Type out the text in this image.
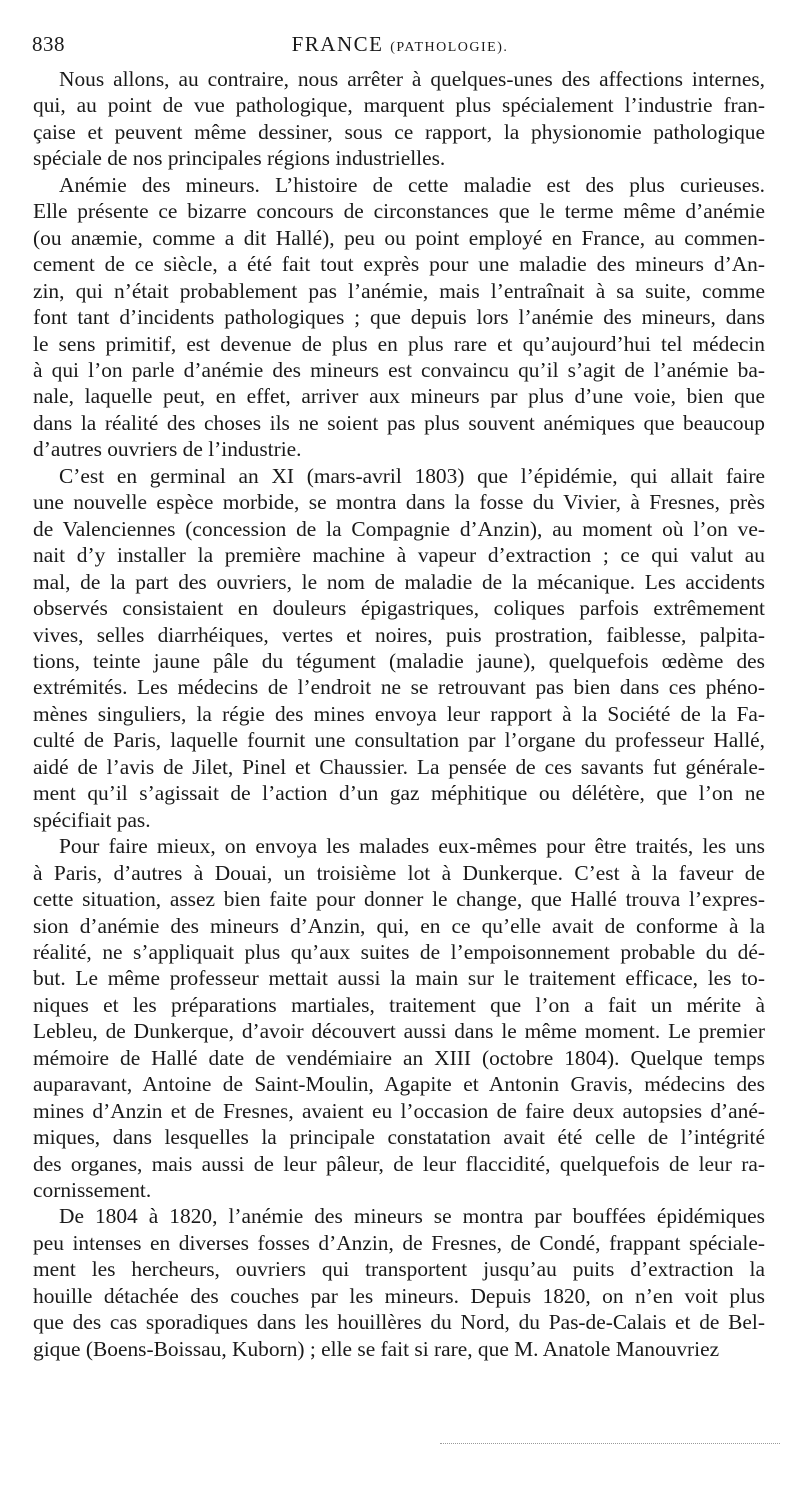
838	FRANCE (PATHOLOGIE).

Nous allons, au contraire, nous arrêter à quelques-unes des affections internes,
qui, au point de vue pathologique, marquent plus spécialement l’industrie fran-
çaise et peuvent même dessiner, sous ce rapport, la physionomie pathologique
spéciale de nos principales régions industrielles.

Anémie des mineurs. L’histoire de cette maladie est des plus curieuses.
Elle présente ce bizarre concours de circonstances que le terme même d’anémie
(ou anæmie, comme a dit Hallé), peu ou point employé en France, au commen-
cement de ce siècle, a été fait tout exprès pour une maladie des mineurs d’An-
zin, qui n’était probablement pas l’anémie, mais l’entraînait à sa suite, comme
font tant d’incidents pathologiques ; que depuis lors l’anémie des mineurs, dans
le sens primitif, est devenue de plus en plus rare et qu’aujourd’hui tel médecin
à qui l’on parle d’anémie des mineurs est convaincu qu’il s’agit de l’anémie ba-
nale, laquelle peut, en effet, arriver aux mineurs par plus d’une voie, bien que
dans la réalité des choses ils ne soient pas plus souvent anémiques que beaucoup
d’autres ouvriers de l’industrie.

C’est en germinal an XI (mars-avril 1803) que l’épidémie, qui allait faire
une nouvelle espèce morbide, se montra dans la fosse du Vivier, à Fresnes, près
de Valenciennes (concession de la Compagnie d’Anzin), au moment où l’on ve-
nait d’y installer la première machine à vapeur d’extraction ; ce qui valut au
mal, de la part des ouvriers, le nom de maladie de la mécanique. Les accidents
observés consistaient en douleurs épigastriques, coliques parfois extrêmement
vives, selles diarrhéiques, vertes et noires, puis prostration, faiblesse, palpita-
tions, teinte jaune pâle du tégument (maladie jaune), quelquefois œdème des
extrémités. Les médecins de l’endroit ne se retrouvant pas bien dans ces phéno-
mènes singuliers, la régie des mines envoya leur rapport à la Société de la Fa-
culté de Paris, laquelle fournit une consultation par l’organe du professeur Hallé,
aidé de l’avis de Jilet, Pinel et Chaussier. La pensée de ces savants fut générale-
ment qu’il s’agissait de l’action d’un gaz méphitique ou délétère, que l’on ne
spécifiait pas.

Pour faire mieux, on envoya les malades eux-mêmes pour être traités, les uns
à Paris, d’autres à Douai, un troisième lot à Dunkerque. C’est à la faveur de
cette situation, assez bien faite pour donner le change, que Hallé trouva l’expres-
sion d’anémie des mineurs d’Anzin, qui, en ce qu’elle avait de conforme à la
réalité, ne s’appliquait plus qu’aux suites de l’empoisonnement probable du dé-
but. Le même professeur mettait aussi la main sur le traitement efficace, les to-
niques et les préparations martiales, traitement que l’on a fait un mérite à
Lebleu, de Dunkerque, d’avoir découvert aussi dans le même moment. Le premier
mémoire de Hallé date de vendémiaire an XIII (octobre 1804). Quelque temps
auparavant, Antoine de Saint-Moulin, Agapite et Antonin Gravis, médecins des
mines d’Anzin et de Fresnes, avaient eu l’occasion de faire deux autopsies d’ané-
miques, dans lesquelles la principale constatation avait été celle de l’intégrité
des organes, mais aussi de leur pâleur, de leur flaccidité, quelquefois de leur ra-
cornissement.

De 1804 à 1820, l’anémie des mineurs se montra par bouffées épidémiques
peu intenses en diverses fosses d’Anzin, de Fresnes, de Condé, frappant spéciale-
ment les hercheurs, ouvriers qui transportent jusqu’au puits d’extraction la
houille détachée des couches par les mineurs. Depuis 1820, on n’en voit plus
que des cas sporadiques dans les houillères du Nord, du Pas-de-Calais et de Bel-
gique (Boens-Boissau, Kuborn) ; elle se fait si rare, que M. Anatole Manouvriez
